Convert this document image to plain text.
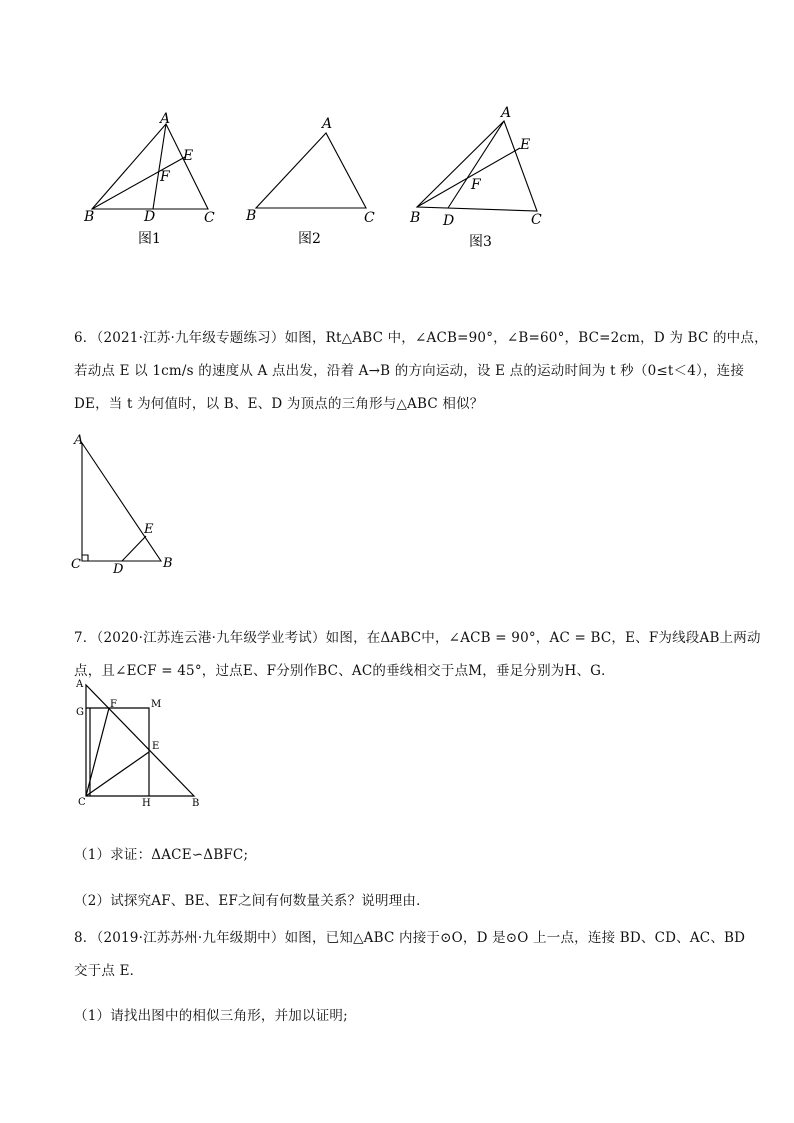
A
B	C
D
E
F
图1
A
B	C
图2
A
B	C
D
E
F
图3
6．（2021·江苏·九年级专题练习）如图，Rt△ABC 中，∠ACB=90°，∠B=60°，BC=2cm，D 为 BC 的中点，
若动点 E 以 1cm/s 的速度从 A 点出发，沿着 A→B 的方向运动，设 E 点的运动时间为 t 秒（0≤t＜4），连接
DE，当 t 为何值时，以 B、E、D 为顶点的三角形与△ABC 相似？
A
C D
E
B
7．（2020·江苏连云港·九年级学业考试）如图，在ΔABC中，∠ACB = 90°，AC = BC，E、F为线段AB上两动
点，且∠ECF = 45°，过点E、F分别作BC、AC的垂线相交于点M，垂足分别为H、G．
A
G
F	M
E
C	H	B
（1）求证：ΔACE∽ΔBFC;
（2）试探究AF、BE、EF之间有何数量关系？说明理由．
8．（2019·江苏苏州·九年级期中）如图，已知△ABC 内接于⊙O，D 是⊙O 上一点，连接 BD、CD、AC、BD
交于点 E．
（1）请找出图中的相似三角形，并加以证明;
